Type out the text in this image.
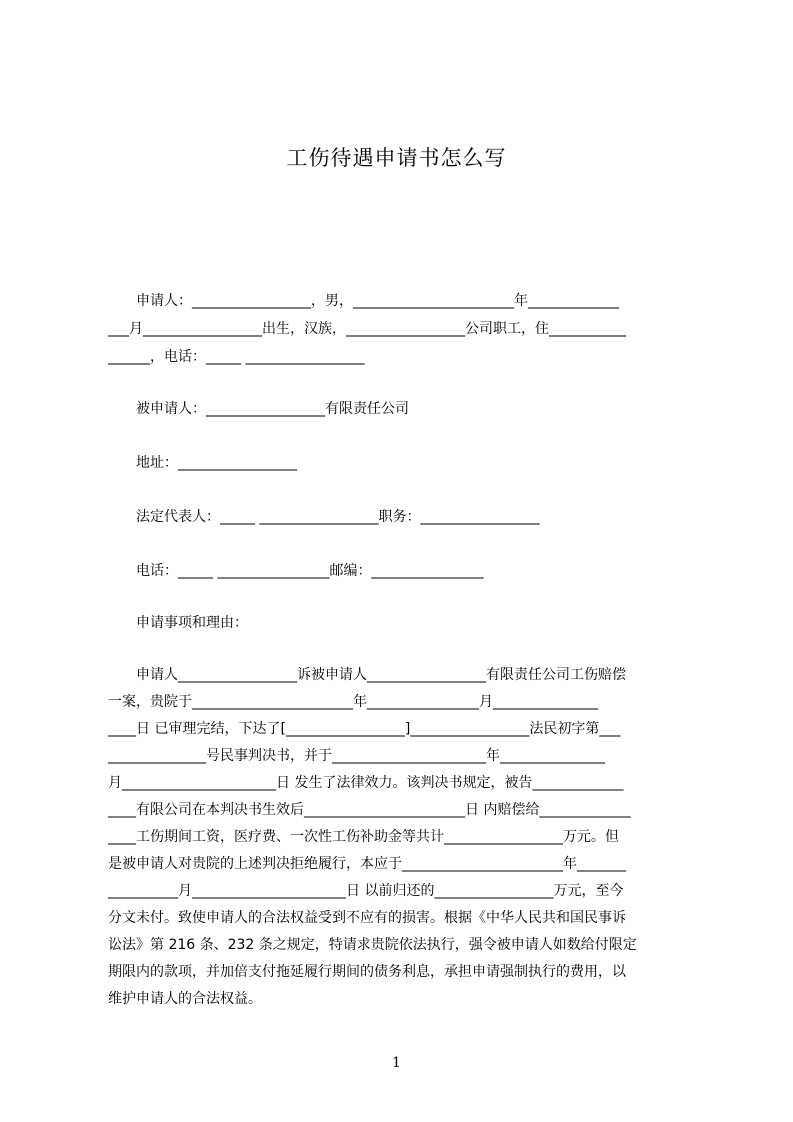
工伤待遇申请书怎么写
申请人：_________________，男，_______________________年_____________
___月_________________出生，汉族，_________________公司职工，住___________
______，电话：_____ _________________
被申请人：_________________有限责任公司
地址：_________________
法定代表人：_____ _________________职务：_________________
电话：_____ ________________邮编：________________
申请事项和理由：
申请人_________________诉被申请人_________________有限责任公司工伤赔偿
一案，贵院于_______________________年________________月_______________
____日 已审理完结，下达了[_________________]_________________法民初字第___
______________号民事判决书，并于______________________年_______________
月______________________日 发生了法律效力。该判决书规定，被告_____________
____有限公司在本判决书生效后_______________________日 内赔偿给_____________
____工伤期间工资，医疗费、一次性工伤补助金等共计_________________万元。但
是被申请人对贵院的上述判决拒绝履行，本应于_______________________年_______
__________月______________________日 以前归还的_________________万元，至今
分文未付。致使申请人的合法权益受到不应有的损害。根据《中华人民共和国民事诉
讼法》第 216 条、232 条之规定，特请求贵院依法执行，强令被申请人如数给付限定
期限内的款项，并加倍支付拖延履行期间的债务利息，承担申请强制执行的费用，以
维护申请人的合法权益。
1
